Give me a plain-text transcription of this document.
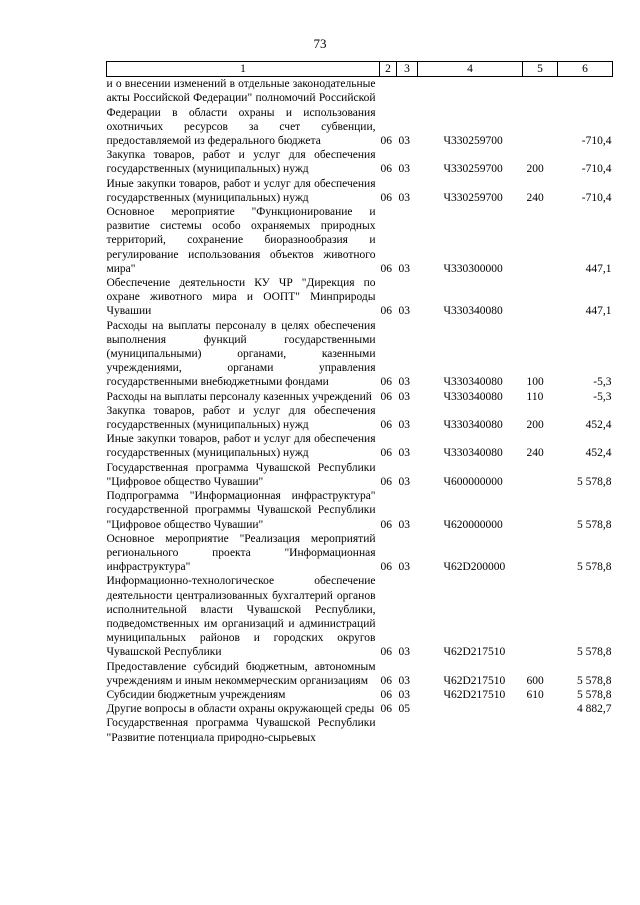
73
1	2	3	4	5	6
и о внесении изменений в отдельные законодательные акты Российской Федерации" полномочий Российской Федерации в области охраны и использования охотничьих ресурсов за счет субвенции, предоставляемой из федерального бюджета	06	03	Ч330259700		-710,4
Закупка товаров, работ и услуг для обеспечения государственных (муниципальных) нужд	06	03	Ч330259700	200	-710,4
Иные закупки товаров, работ и услуг для обеспечения государственных (муниципальных) нужд	06	03	Ч330259700	240	-710,4
Основное мероприятие "Функционирование и развитие системы особо охраняемых природных территорий, сохранение биоразнообразия и регулирование использования объектов животного мира"	06	03	Ч330300000		447,1
Обеспечение деятельности КУ ЧР "Дирекция по охране животного мира и ООПТ" Минприроды Чувашии	06	03	Ч330340080		447,1
Расходы на выплаты персоналу в целях обеспечения выполнения функций государственными (муниципальными) органами, казенными учреждениями, органами управления государственными внебюджетными фондами	06	03	Ч330340080	100	-5,3
Расходы на выплаты персоналу казенных учреждений	06	03	Ч330340080	110	-5,3
Закупка товаров, работ и услуг для обеспечения государственных (муниципальных) нужд	06	03	Ч330340080	200	452,4
Иные закупки товаров, работ и услуг для обеспечения государственных (муниципальных) нужд	06	03	Ч330340080	240	452,4
Государственная программа Чувашской Республики "Цифровое общество Чувашии"	06	03	Ч600000000		5 578,8
Подпрограмма "Информационная инфраструктура" государственной программы Чувашской Республики "Цифровое общество Чувашии"	06	03	Ч620000000		5 578,8
Основное мероприятие "Реализация мероприятий регионального проекта "Информационная инфраструктура"	06	03	Ч62D200000		5 578,8
Информационно-технологическое обеспечение деятельности централизованных бухгалтерий органов исполнительной власти Чувашской Республики, подведомственных им организаций и администраций муниципальных районов и городских округов Чувашской Республики	06	03	Ч62D217510		5 578,8
Предоставление субсидий бюджетным, автономным учреждениям и иным некоммерческим организациям	06	03	Ч62D217510	600	5 578,8
Субсидии бюджетным учреждениям	06	03	Ч62D217510	610	5 578,8
Другие вопросы в области охраны окружающей среды	06	05			4 882,7
Государственная программа Чувашской Республики "Развитие потенциала природно-сырьевых					
